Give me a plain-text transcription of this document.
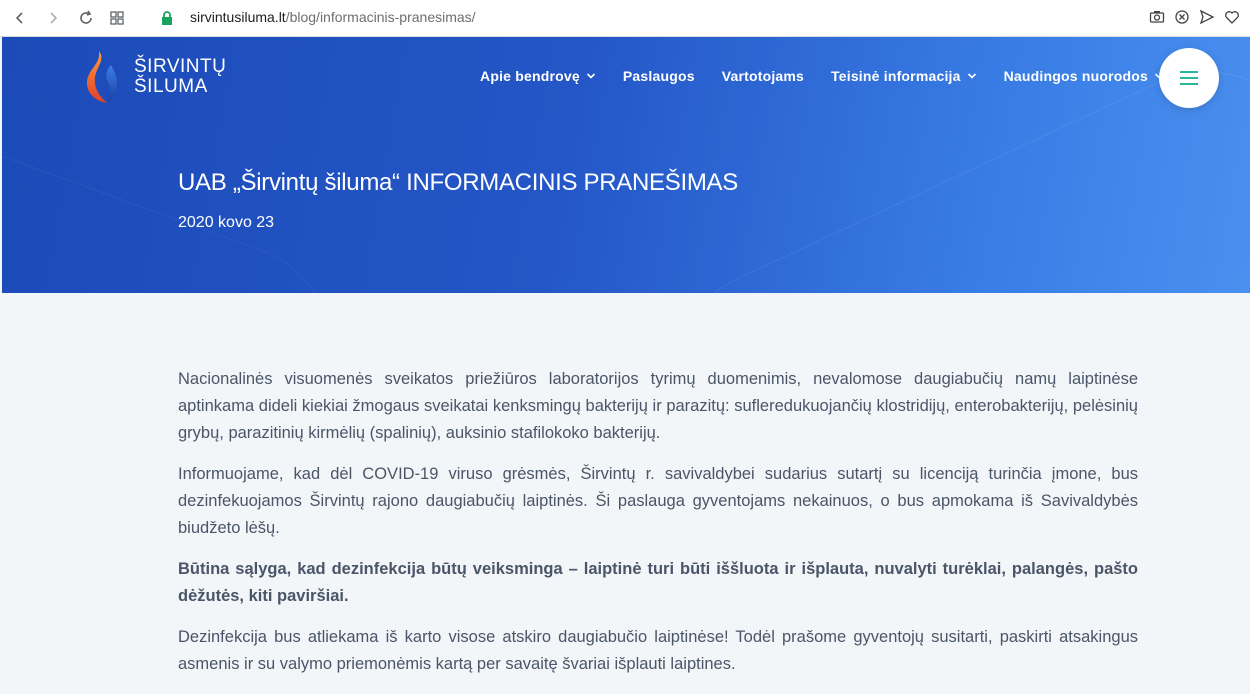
sirvintusiluma.lt/blog/informacinis-pranesimas/
ŠIRVINTŲ
ŠILUMA	Apie bendrovę	Paslaugos Vartotojams Teisinė informacija	Naudingos nuorodos
UAB „Širvintų šiluma“ INFORMACINIS PRANEŠIMAS
2020 kovo 23

Nacionalinės visuomenės sveikatos priežiūros laboratorijos tyrimų duomenimis, nevalomose daugiabučių namų laiptinėse aptinkama dideli kiekiai žmogaus sveikatai kenksmingų bakterijų ir parazitų: sufleredukuojančių klostridijų, enterobakterijų, pelėsinių grybų, parazitinių kirmėlių (spalinių), auksinio stafilokoko bakterijų.

Informuojame, kad dėl COVID-19 viruso grėsmės, Širvintų r. savivaldybei sudarius sutartį su licenciją turinčia įmone, bus dezinfekuojamos Širvintų rajono daugiabučių laiptinės. Ši paslauga gyventojams nekainuos, o bus apmokama iš Savivaldybės biudžeto lėšų.

Būtina sąlyga, kad dezinfekcija būtų veiksminga – laiptinė turi būti iššluota ir išplauta, nuvalyti turėklai, palangės, pašto dėžutės, kiti paviršiai.

Dezinfekcija bus atliekama iš karto visose atskiro daugiabučio laiptinėse! Todėl prašome gyventojų susitarti, paskirti atsakingus asmenis ir su valymo priemonėmis kartą per savaitę švariai išplauti laiptines.
